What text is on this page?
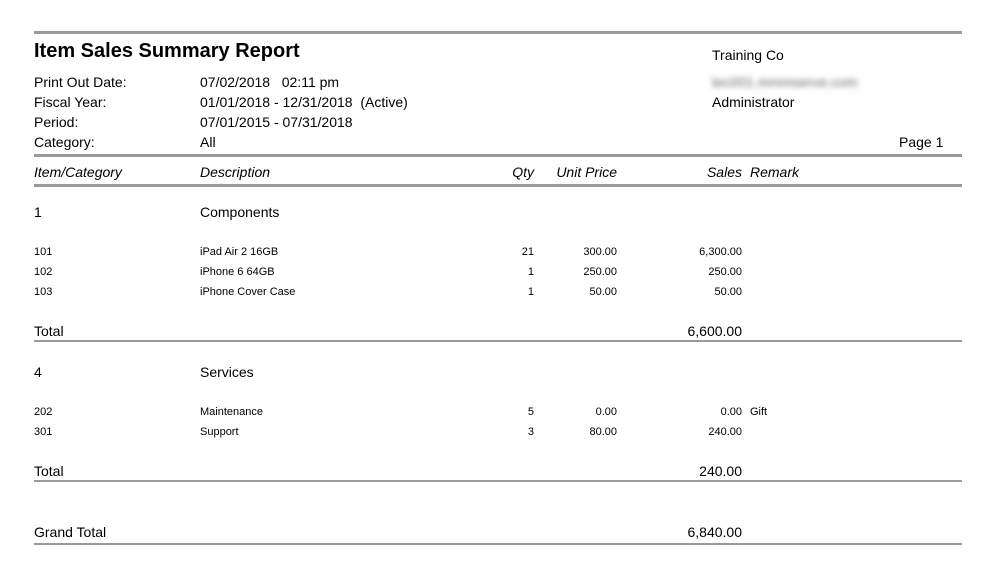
Item Sales Summary Report	Training Co
tec001.mmmserve.com
Administrator
Print Out Date:	07/02/2018   02:11 pm
Fiscal Year:	01/01/2018 - 12/31/2018  (Active)
Period:	07/01/2015 - 07/31/2018
Category:	All	Page 1
Item/Category	Description	Qty	Unit Price	Sales Remark
1	Components
101	iPad Air 2 16GB	21	300.00	6,300.00
102	iPhone 6 64GB	1	250.00	250.00
103	iPhone Cover Case	1	50.00	50.00
Total	6,600.00
4	Services
202	Maintenance	5	0.00	0.00 Gift
301	Support	3	80.00	240.00
Total	240.00
Grand Total	6,840.00
